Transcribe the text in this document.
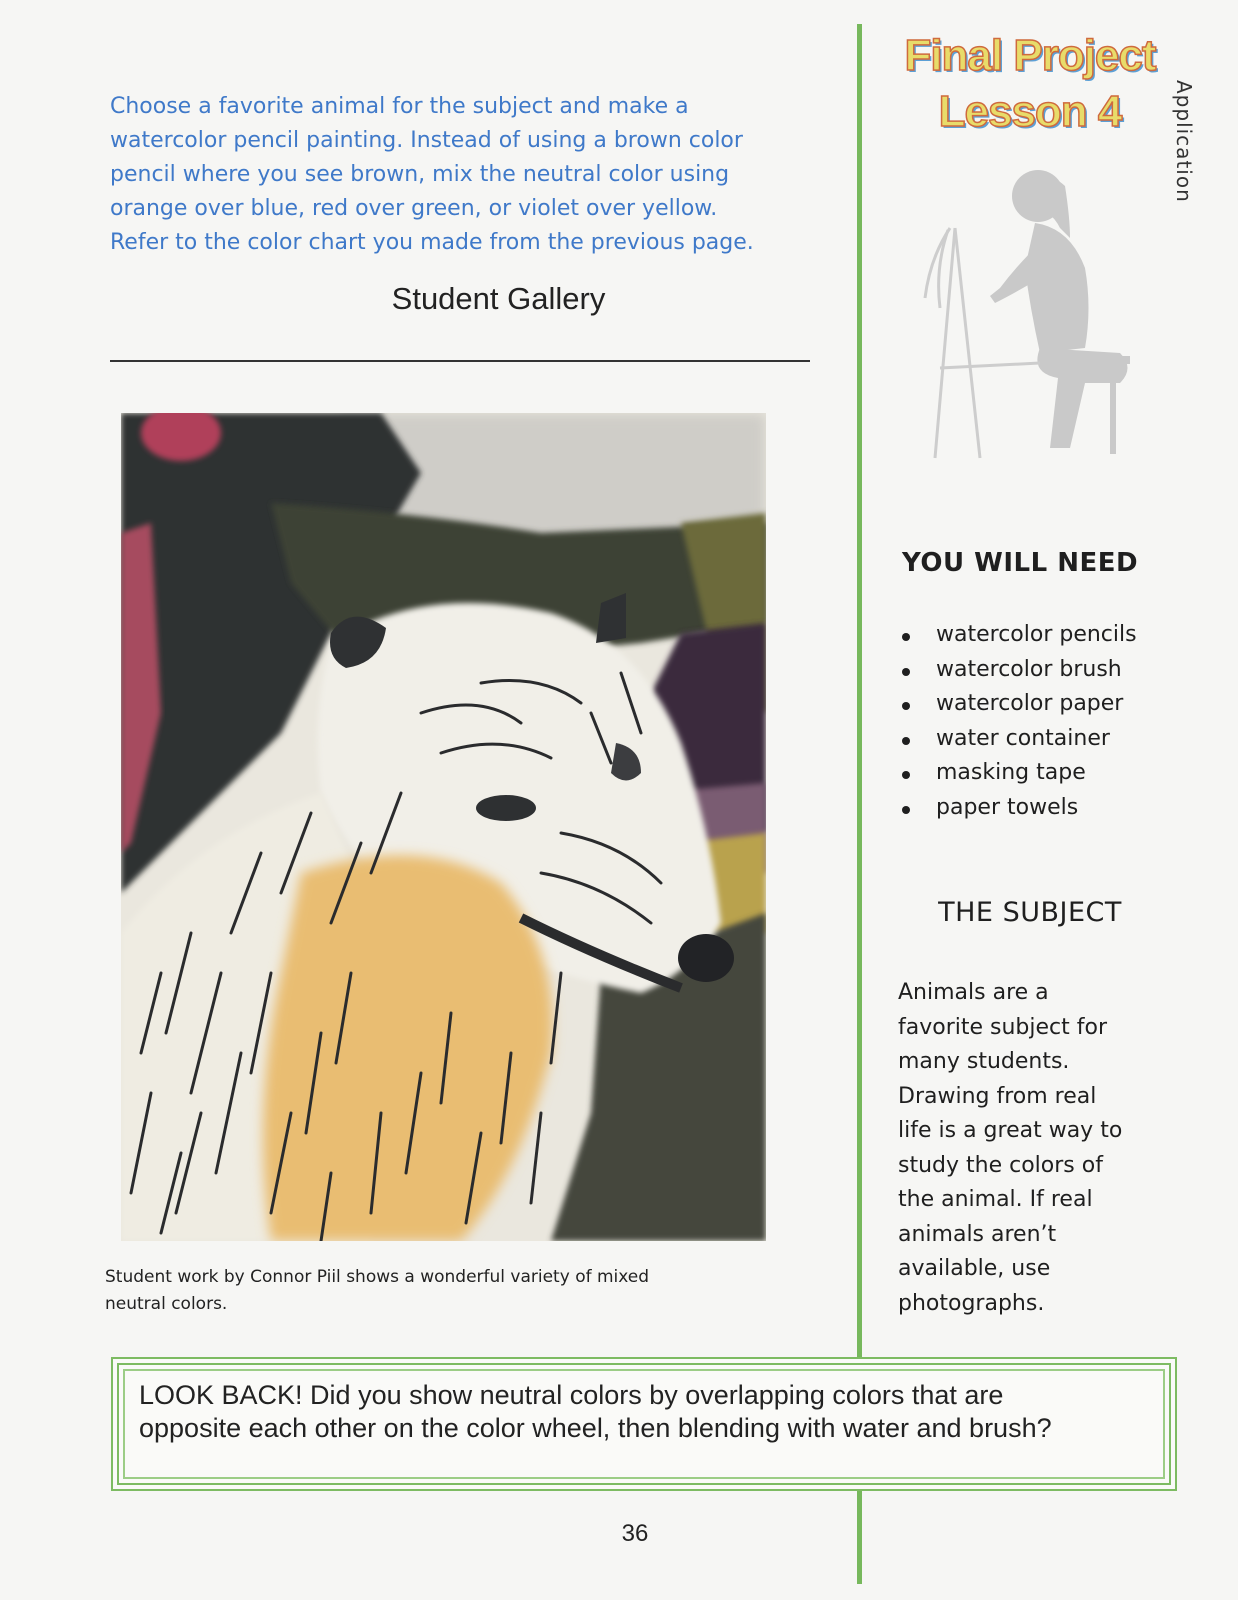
Choose a favorite animal for the subject and make a
watercolor pencil painting. Instead of using a brown color
pencil where you see brown, mix the neutral color using
orange over blue, red over green, or violet over yellow.
Refer to the color chart you made from the previous page.
Student Gallery
Student work by Connor Piil shows a wonderful variety of mixed
neutral colors.
Final Project
Lesson 4	Application
YOU WILL NEED
watercolor pencils
watercolor brush
watercolor paper
water container
masking tape
paper towels
THE SUBJECT
Animals are a
favorite subject for
many students.
Drawing from real
life is a great way to
study the colors of
the animal. If real
animals aren’t
available, use
photographs.
LOOK BACK! Did you show neutral colors by overlapping colors that are
opposite each other on the color wheel, then blending with water and brush?
36
